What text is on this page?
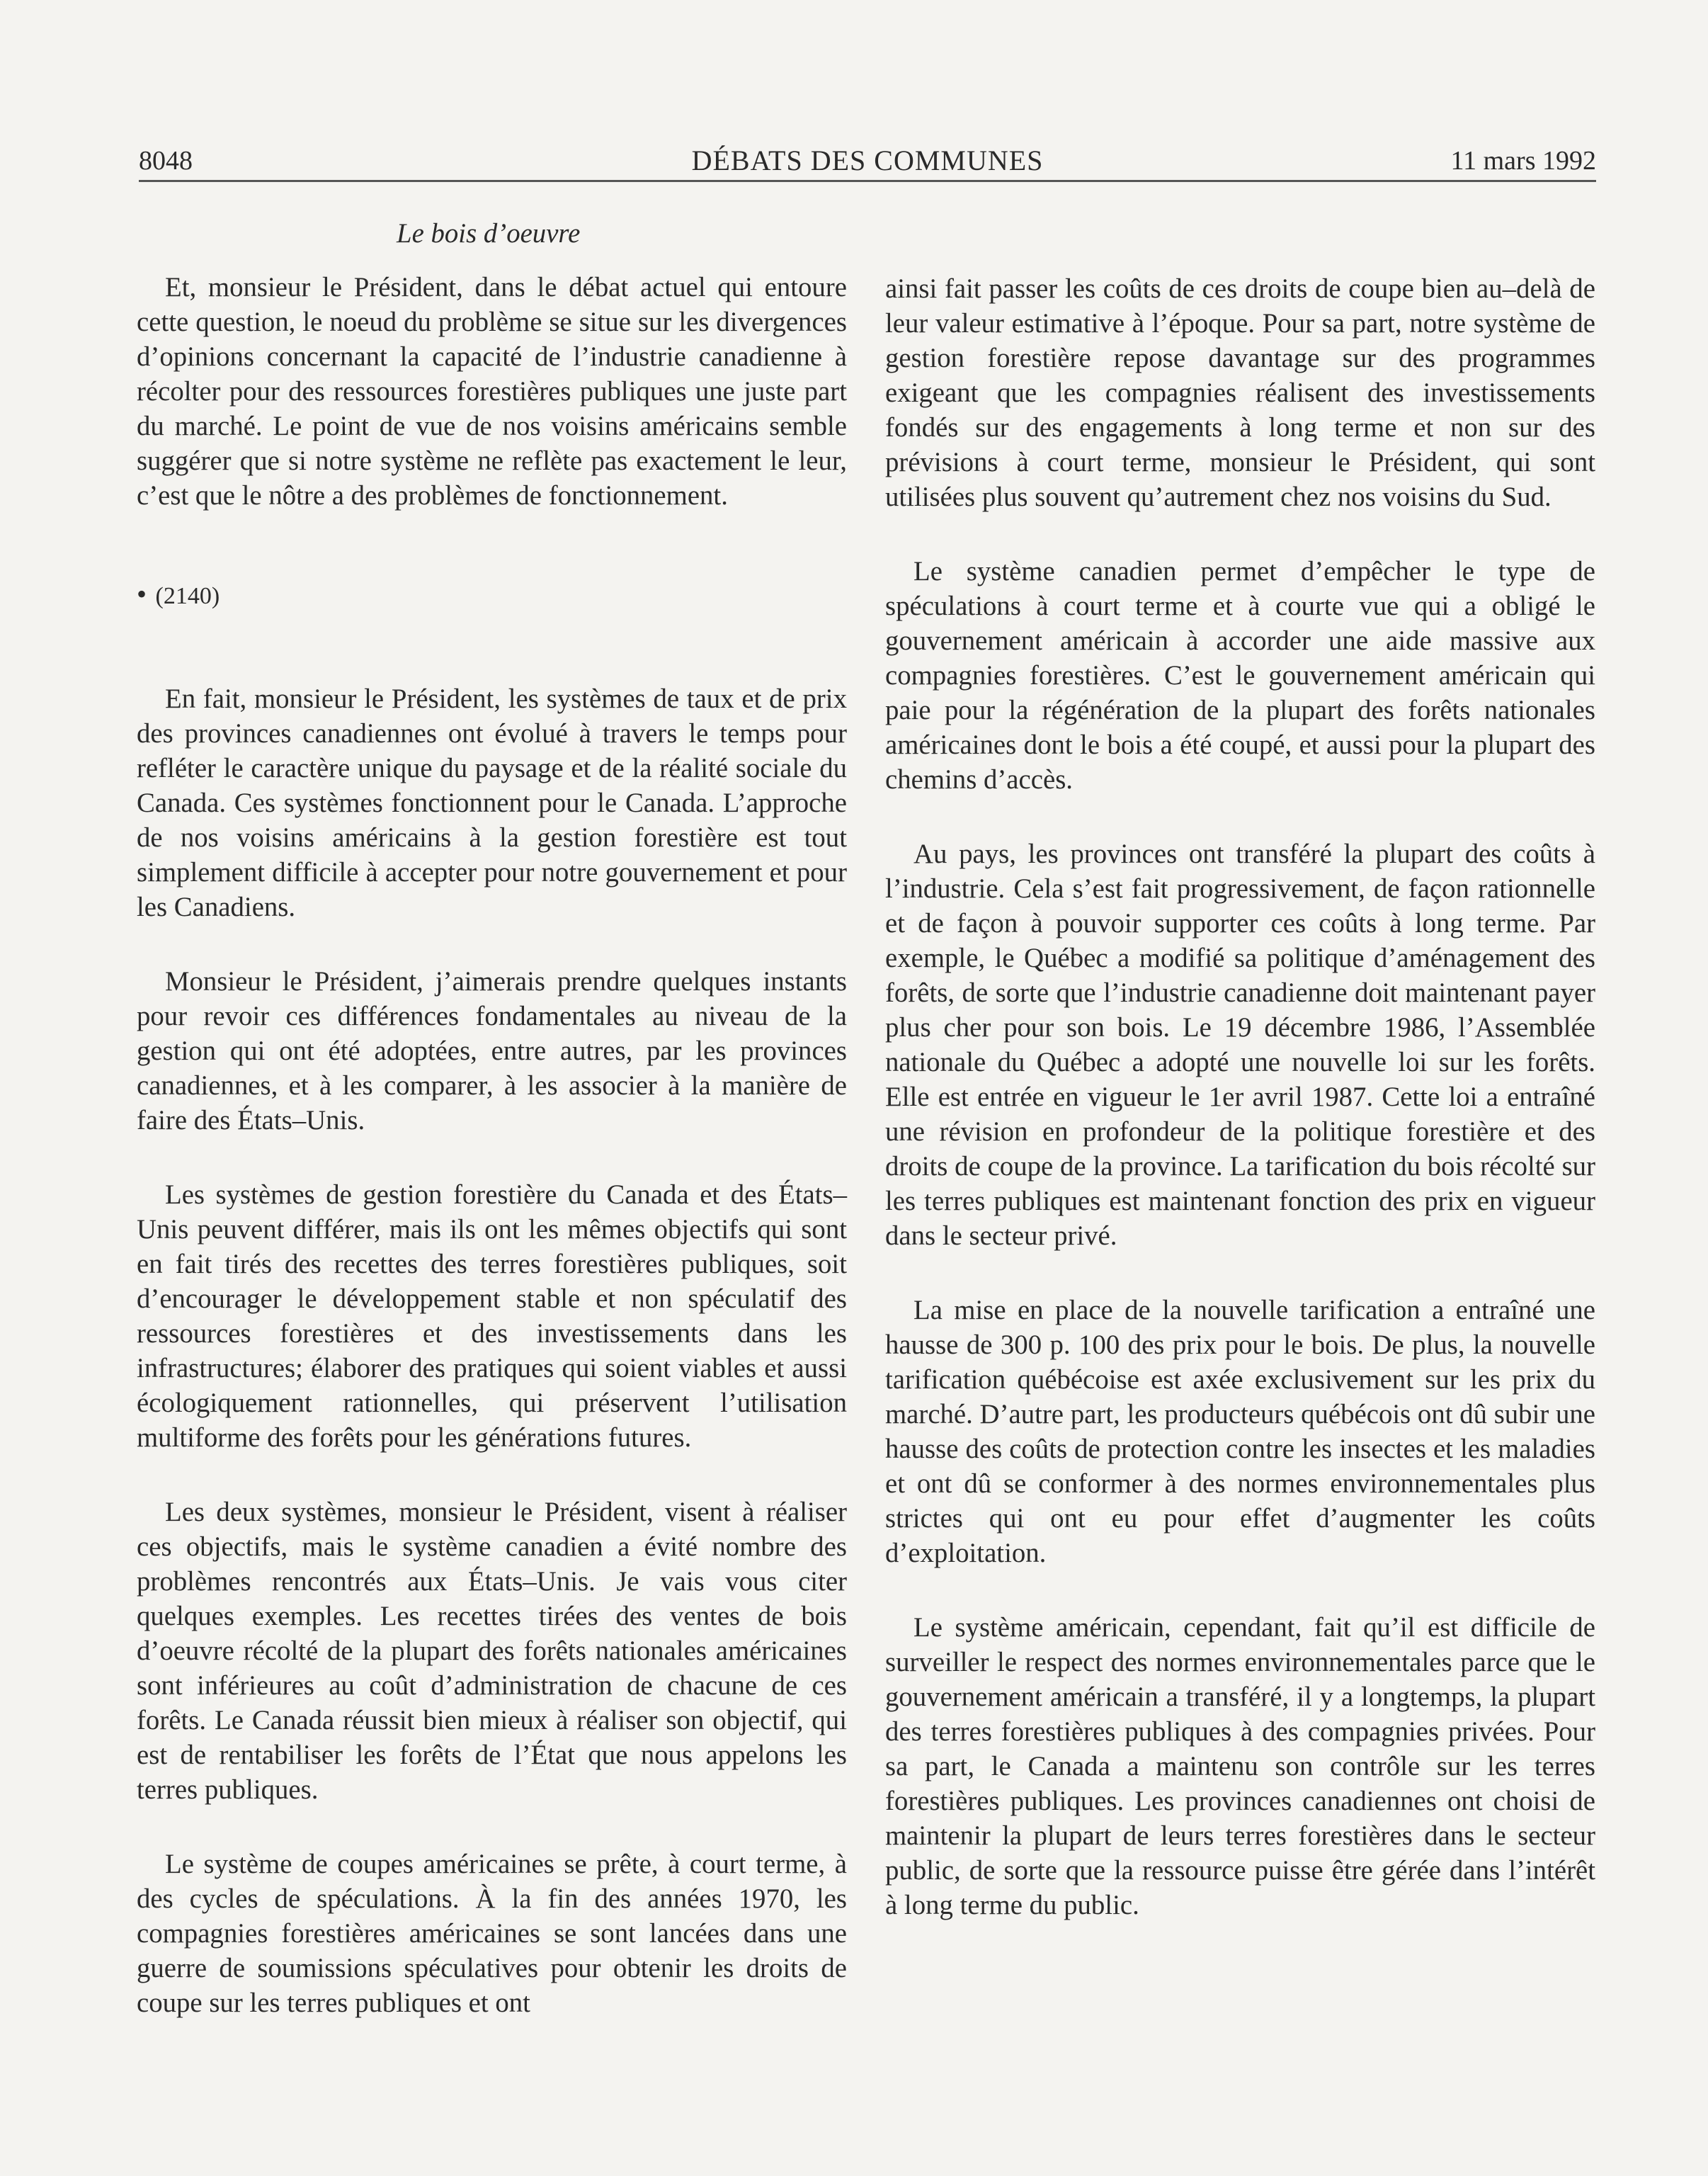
8048	DÉBATS DES COMMUNES	11 mars 1992
Le bois d’oeuvre

Et, monsieur le Président, dans le débat actuel qui entoure cette question, le noeud du problème se situe sur les divergences d’opinions concernant la capacité de l’industrie canadienne à récolter pour des ressources forestières publiques une juste part du marché. Le point de vue de nos voisins américains semble suggérer que si notre système ne reflète pas exactement le leur, c’est que le nôtre a des problèmes de fonctionnement.

• (2140)

En fait, monsieur le Président, les systèmes de taux et de prix des provinces canadiennes ont évolué à travers le temps pour refléter le caractère unique du paysage et de la réalité sociale du Canada. Ces systèmes fonctionnent pour le Canada. L’approche de nos voisins américains à la gestion forestière est tout simplement difficile à accepter pour notre gouvernement et pour les Canadiens.

Monsieur le Président, j’aimerais prendre quelques instants pour revoir ces différences fondamentales au niveau de la gestion qui ont été adoptées, entre autres, par les provinces canadiennes, et à les comparer, à les associer à la manière de faire des États–Unis.

Les systèmes de gestion forestière du Canada et des États–Unis peuvent différer, mais ils ont les mêmes objectifs qui sont en fait tirés des recettes des terres forestières publiques, soit d’encourager le développement stable et non spéculatif des ressources forestières et des investissements dans les infrastructures; élaborer des pratiques qui soient viables et aussi écologiquement rationnelles, qui préservent l’utilisation multiforme des forêts pour les générations futures.

Les deux systèmes, monsieur le Président, visent à réaliser ces objectifs, mais le système canadien a évité nombre des problèmes rencontrés aux États–Unis. Je vais vous citer quelques exemples. Les recettes tirées des ventes de bois d’oeuvre récolté de la plupart des forêts nationales américaines sont inférieures au coût d’administration de chacune de ces forêts. Le Canada réussit bien mieux à réaliser son objectif, qui est de rentabiliser les forêts de l’État que nous appelons les terres publiques.

Le système de coupes américaines se prête, à court terme, à des cycles de spéculations. À la fin des années 1970, les compagnies forestières américaines se sont lancées dans une guerre de soumissions spéculatives pour obtenir les droits de coupe sur les terres publiques et ont

ainsi fait passer les coûts de ces droits de coupe bien au–delà de leur valeur estimative à l’époque. Pour sa part, notre système de gestion forestière repose davantage sur des programmes exigeant que les compagnies réalisent des investissements fondés sur des engagements à long terme et non sur des prévisions à court terme, monsieur le Président, qui sont utilisées plus souvent qu’autrement chez nos voisins du Sud.

Le système canadien permet d’empêcher le type de spéculations à court terme et à courte vue qui a obligé le gouvernement américain à accorder une aide massive aux compagnies forestières. C’est le gouvernement américain qui paie pour la régénération de la plupart des forêts nationales américaines dont le bois a été coupé, et aussi pour la plupart des chemins d’accès.

Au pays, les provinces ont transféré la plupart des coûts à l’industrie. Cela s’est fait progressivement, de façon rationnelle et de façon à pouvoir supporter ces coûts à long terme. Par exemple, le Québec a modifié sa politique d’aménagement des forêts, de sorte que l’industrie canadienne doit maintenant payer plus cher pour son bois. Le 19 décembre 1986, l’Assemblée nationale du Québec a adopté une nouvelle loi sur les forêts. Elle est entrée en vigueur le 1er avril 1987. Cette loi a entraîné une révision en profondeur de la politique forestière et des droits de coupe de la province. La tarification du bois récolté sur les terres publiques est maintenant fonction des prix en vigueur dans le secteur privé.

La mise en place de la nouvelle tarification a entraîné une hausse de 300 p. 100 des prix pour le bois. De plus, la nouvelle tarification québécoise est axée exclusivement sur les prix du marché. D’autre part, les producteurs québécois ont dû subir une hausse des coûts de protection contre les insectes et les maladies et ont dû se conformer à des normes environnementales plus strictes qui ont eu pour effet d’augmenter les coûts d’exploitation.

Le système américain, cependant, fait qu’il est difficile de surveiller le respect des normes environnementales parce que le gouvernement américain a transféré, il y a longtemps, la plupart des terres forestières publiques à des compagnies privées. Pour sa part, le Canada a maintenu son contrôle sur les terres forestières publiques. Les provinces canadiennes ont choisi de maintenir la plupart de leurs terres forestières dans le secteur public, de sorte que la ressource puisse être gérée dans l’intérêt à long terme du public.
